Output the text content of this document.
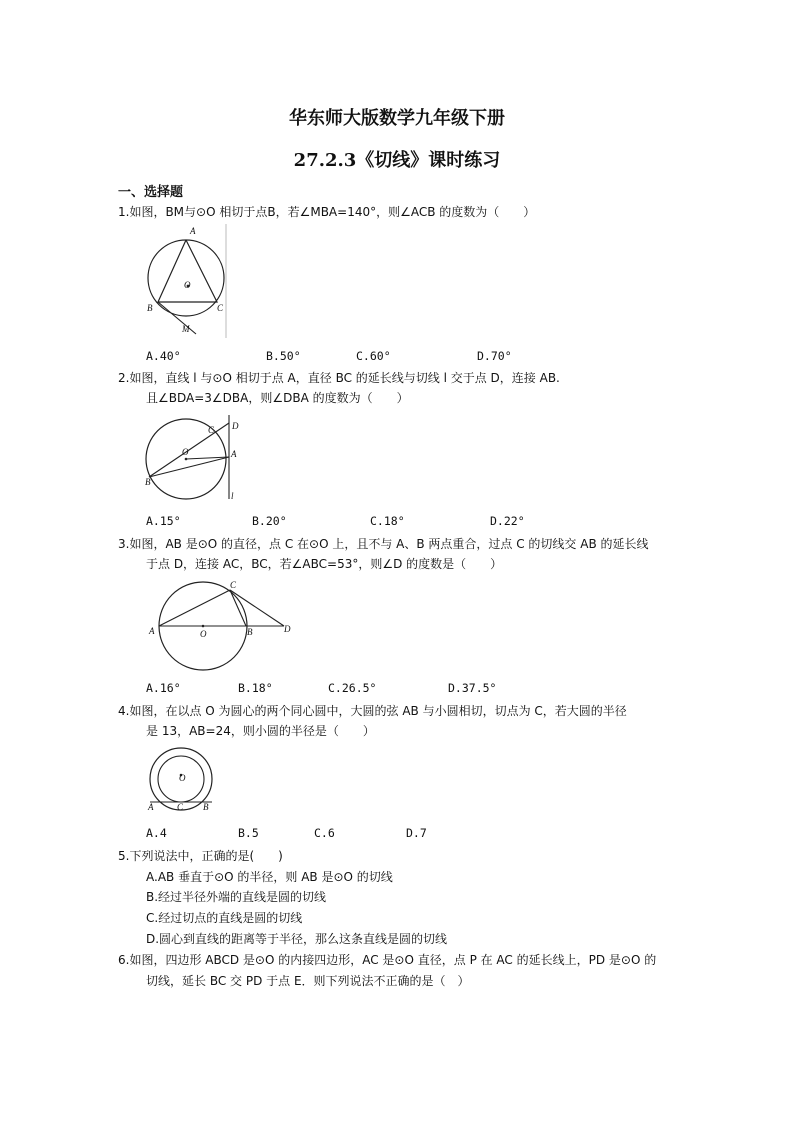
华东师大版数学九年级下册
27.2.3《切线》课时练习
一、选择题
1.如图，BM与⊙O 相切于点B，若∠MBA=140°，则∠ACB 的度数为（　　）
A
O
B	C
M
A.40°	B.50°	C.60°	D.70°
2.如图，直线 l 与⊙O 相切于点 A，直径 BC 的延长线与切线 l 交于点 D，连接 AB.
且∠BDA=3∠DBA，则∠DBA 的度数为（　　）
C D
O	A
B
l
A.15°	B.20°	C.18°	D.22°
3.如图，AB 是⊙O 的直径，点 C 在⊙O 上，且不与 A、B 两点重合，过点 C 的切线交 AB 的延长线
于点 D，连接 AC，BC，若∠ABC=53°，则∠D 的度数是（　　）
C
A	O	B	D
A.16°	B.18°	C.26.5°	D.37.5°
4.如图，在以点 O 为圆心的两个同心圆中，大圆的弦 AB 与小圆相切，切点为 C，若大圆的半径
是 13，AB=24，则小圆的半径是（　　）
O
A	C B
A.4	B.5	C.6	D.7
5.下列说法中，正确的是(　　)
A.AB 垂直于⊙O 的半径，则 AB 是⊙O 的切线
B.经过半径外端的直线是圆的切线
C.经过切点的直线是圆的切线
D.圆心到直线的距离等于半径，那么这条直线是圆的切线
6.如图，四边形 ABCD 是⊙O 的内接四边形，AC 是⊙O 直径，点 P 在 AC 的延长线上，PD 是⊙O 的
切线，延长 BC 交 PD 于点 E．则下列说法不正确的是（　）
